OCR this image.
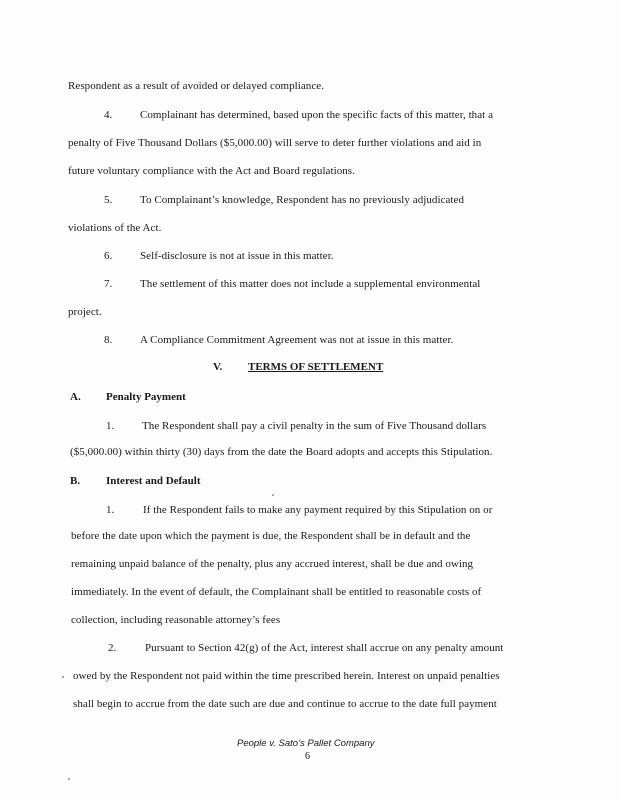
Respondent as a result of avoided or delayed compliance.
4.	Complainant has determined, based upon the specific facts of this matter, that a
penalty of Five Thousand Dollars ($5,000.00) will serve to deter further violations and aid in
future voluntary compliance with the Act and Board regulations.
5.	To Complainant’s knowledge, Respondent has no previously adjudicated
violations of the Act.
6.	Self-disclosure is not at issue in this matter.
7.	The settlement of this matter does not include a supplemental environmental
project.
8.	A Compliance Commitment Agreement was not at issue in this matter.
V. TERMS OF SETTLEMENT
A. Penalty Payment
1.	The Respondent shall pay a civil penalty in the sum of Five Thousand dollars
($5,000.00) within thirty (30) days from the date the Board adopts and accepts this Stipulation.
B. Interest and Default
1.	If the Respondent fails to make any payment required by this Stipulation on or
before the date upon which the payment is due, the Respondent shall be in default and the
remaining unpaid balance of the penalty, plus any accrued interest, shall be due and owing
immediately. In the event of default, the Complainant shall be entitled to reasonable costs of
collection, including reasonable attorney’s fees
2.	Pursuant to Section 42(g) of the Act, interest shall accrue on any penalty amount
owed by the Respondent not paid within the time prescribed herein. Interest on unpaid penalties
shall begin to accrue from the date such are due and continue to accrue to the date full payment
People v. Sato’s Pallet Company
6
